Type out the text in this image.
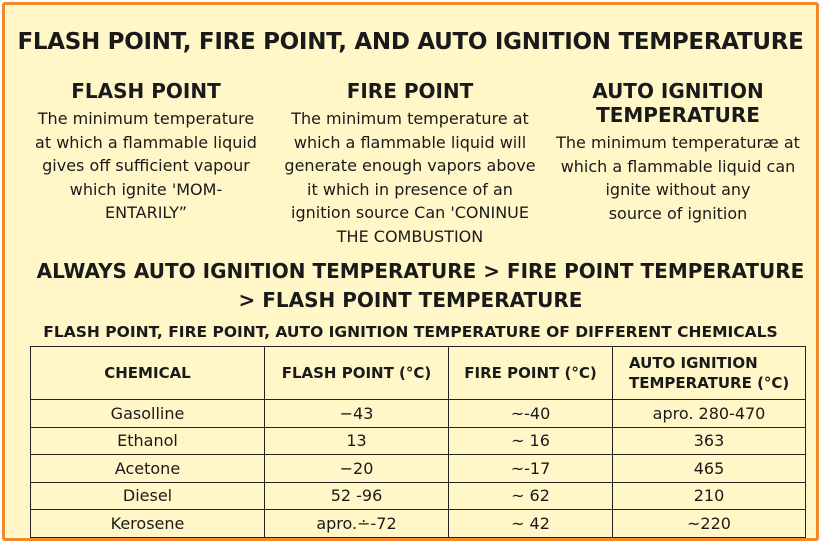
FLASH POINT, FIRE POINT, AND AUTO IGNITION TEMPERATURE
FLASH POINT

The minimum temperature
at which a flammable liquid
gives off sufficient vapour
which ignite 'MOM-
ENTARILY”

FIRE POINT

The minimum temperature at
which a flammable liquid will
generate enough vapors above
it which in presence of an
ignition source Can 'CONINUE
THE COMBUSTION

AUTO IGNITION
TEMPERATURE

The minimum temperaturæ at
which a flammable liquid can
ignite without any
source of ignition

ALWAYS AUTO IGNITION TEMPERATURE > FIRE POINT TEMPERATURE
> FLASH POINT TEMPERATURE
FLASH POINT, FIRE POINT, AUTO IGNITION TEMPERATURE OF DIFFERENT CHEMICALS
CHEMICAL	FLASH POINT (°C)	FIRE POINT (°C)	AUTO IGNITION
TEMPERATURE (°C)
Gasolline	−43	~-40	apro. 280-470
Ethanol	13	~ 16	363
Acetone	−20	~-17	465
Diesel	52 -96	~ 62	210
Kerosene	apro.∸-72	~ 42	~220
